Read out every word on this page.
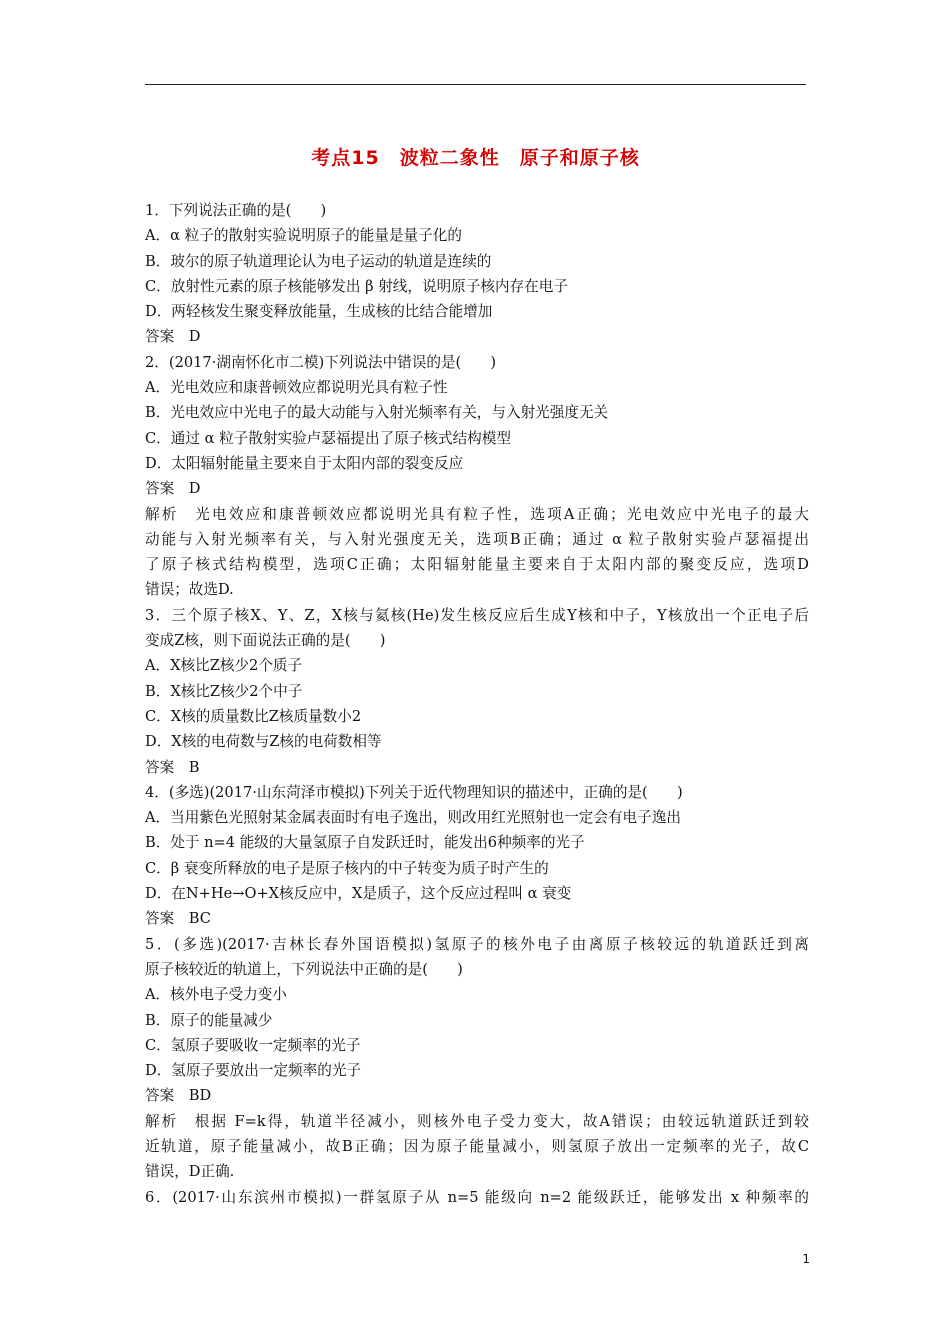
考点15　波粒二象性　原子和原子核
1．下列说法正确的是(　　)
A．α 粒子的散射实验说明原子的能量是量子化的
B．玻尔的原子轨道理论认为电子运动的轨道是连续的
C．放射性元素的原子核能够发出 β 射线，说明原子核内存在电子
D．两轻核发生聚变释放能量，生成核的比结合能增加
答案　D
2．(2017·湖南怀化市二模)下列说法中错误的是(　　)
A．光电效应和康普顿效应都说明光具有粒子性
B．光电效应中光电子的最大动能与入射光频率有关，与入射光强度无关
C．通过 α 粒子散射实验卢瑟福提出了原子核式结构模型
D．太阳辐射能量主要来自于太阳内部的裂变反应
答案　D
解析　光电效应和康普顿效应都说明光具有粒子性，选项A正确；光电效应中光电子的最大
动能与入射光频率有关，与入射光强度无关，选项B正确；通过 α 粒子散射实验卢瑟福提出
了原子核式结构模型，选项C正确；太阳辐射能量主要来自于太阳内部的聚变反应，选项D
错误；故选D.
3．三个原子核X、Y、Z，X核与氦核(He)发生核反应后生成Y核和中子，Y核放出一个正电子后
变成Z核，则下面说法正确的是(　　)
A．X核比Z核少2个质子
B．X核比Z核少2个中子
C．X核的质量数比Z核质量数小2
D．X核的电荷数与Z核的电荷数相等
答案　B
4．(多选)(2017·山东菏泽市模拟)下列关于近代物理知识的描述中，正确的是(　　)
A．当用紫色光照射某金属表面时有电子逸出，则改用红光照射也一定会有电子逸出
B．处于 n=4 能级的大量氢原子自发跃迁时，能发出6种频率的光子
C．β 衰变所释放的电子是原子核内的中子转变为质子时产生的
D．在N+He→O+X核反应中，X是质子，这个反应过程叫 α 衰变
答案　BC
5．(多选)(2017·吉林长春外国语模拟)氢原子的核外电子由离原子核较远的轨道跃迁到离
原子核较近的轨道上，下列说法中正确的是(　　)
A．核外电子受力变小
B．原子的能量减少
C．氢原子要吸收一定频率的光子
D．氢原子要放出一定频率的光子
答案　BD
解析　根据 F=k得，轨道半径减小，则核外电子受力变大，故A错误；由较远轨道跃迁到较
近轨道，原子能量减小，故B正确；因为原子能量减小，则氢原子放出一定频率的光子，故C
错误，D正确.
6．(2017·山东滨州市模拟)一群氢原子从 n=5 能级向 n=2 能级跃迁，能够发出 x 种频率的
1
